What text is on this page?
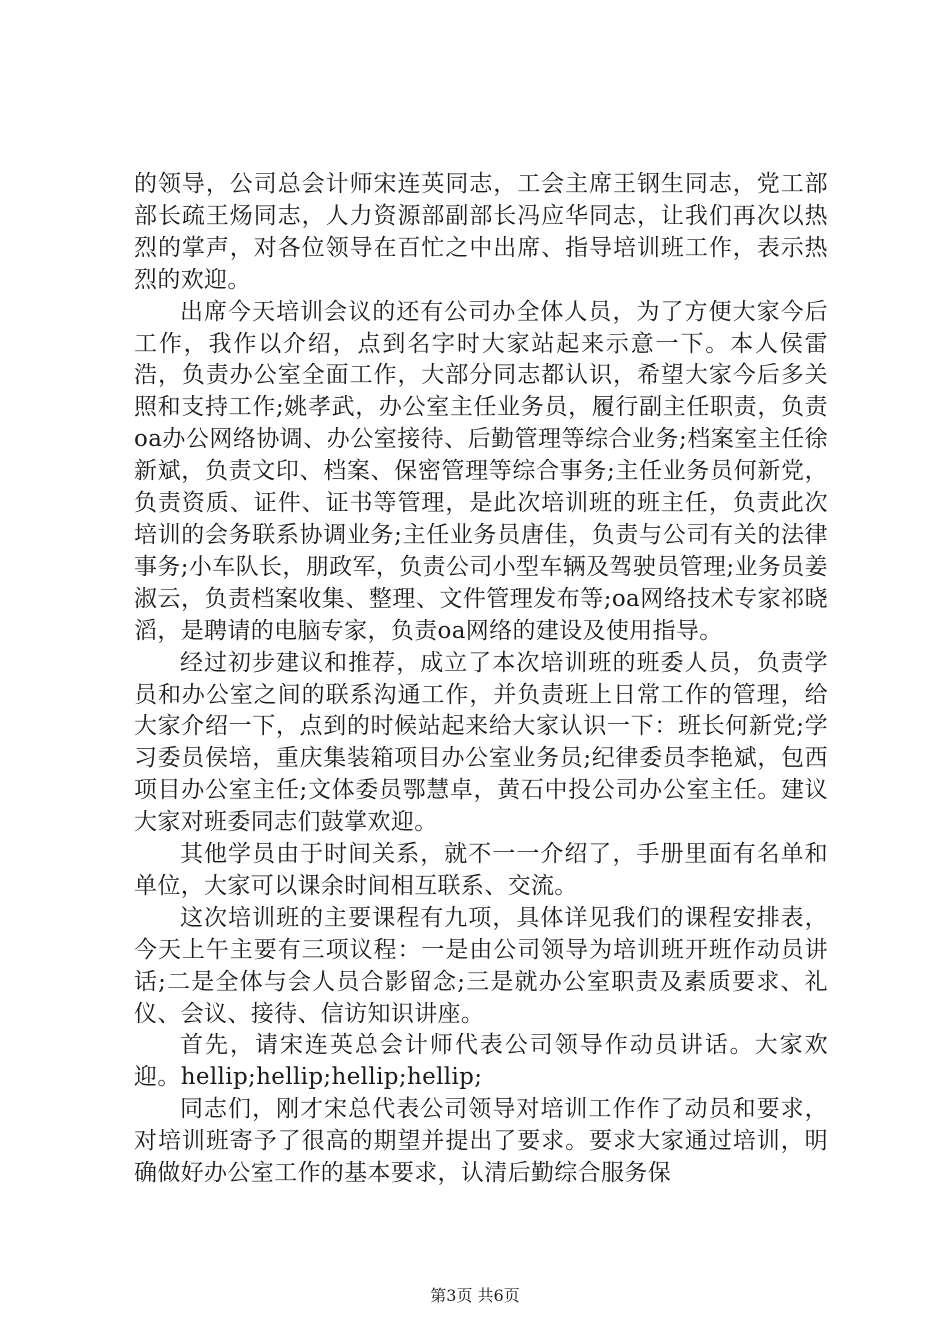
的领导，公司总会计师宋连英同志，工会主席王钢生同志，党工部部长疏王炀同志，人力资源部副部长冯应华同志，让我们再次以热烈的掌声，对各位领导在百忙之中出席、指导培训班工作，表示热烈的欢迎。

出席今天培训会议的还有公司办全体人员，为了方便大家今后工作，我作以介绍，点到名字时大家站起来示意一下。本人侯雷浩，负责办公室全面工作，大部分同志都认识，希望大家今后多关照和支持工作;姚孝武，办公室主任业务员，履行副主任职责，负责oa办公网络协调、办公室接待、后勤管理等综合业务;档案室主任徐新斌，负责文印、档案、保密管理等综合事务;主任业务员何新党，负责资质、证件、证书等管理，是此次培训班的班主任，负责此次培训的会务联系协调业务;主任业务员唐佳，负责与公司有关的法律事务;小车队长，朋政军，负责公司小型车辆及驾驶员管理;业务员姜淑云，负责档案收集、整理、文件管理发布等;oa网络技术专家祁晓滔，是聘请的电脑专家，负责oa网络的建设及使用指导。

经过初步建议和推荐，成立了本次培训班的班委人员，负责学员和办公室之间的联系沟通工作，并负责班上日常工作的管理，给大家介绍一下，点到的时候站起来给大家认识一下：班长何新党;学习委员侯培，重庆集装箱项目办公室业务员;纪律委员李艳斌，包西项目办公室主任;文体委员鄂慧卓，黄石中投公司办公室主任。建议大家对班委同志们鼓掌欢迎。

其他学员由于时间关系，就不一一介绍了，手册里面有名单和单位，大家可以课余时间相互联系、交流。

这次培训班的主要课程有九项，具体详见我们的课程安排表，今天上午主要有三项议程：一是由公司领导为培训班开班作动员讲话;二是全体与会人员合影留念;三是就办公室职责及素质要求、礼仪、会议、接待、信访知识讲座。

首先，请宋连英总会计师代表公司领导作动员讲话。大家欢迎。hellip;hellip;hellip;hellip;

同志们，刚才宋总代表公司领导对培训工作作了动员和要求，对培训班寄予了很高的期望并提出了要求。要求大家通过培训，明确做好办公室工作的基本要求，认清后勤综合服务保

第3页 共6页
